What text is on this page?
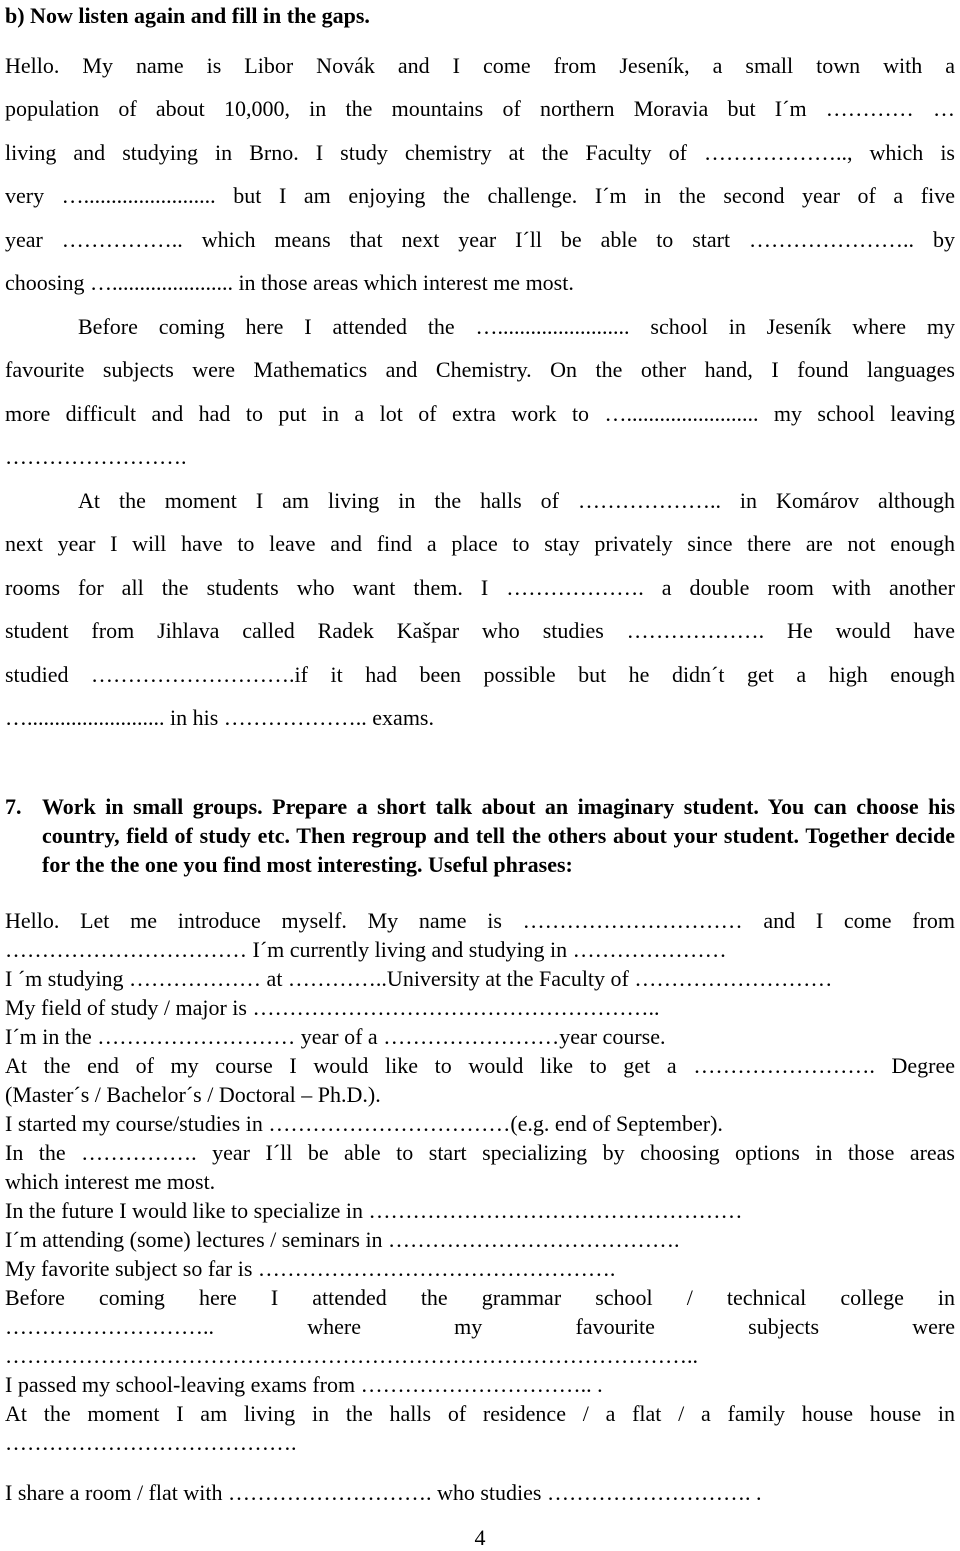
b) Now listen again and fill in the gaps.
Hello. My name is Libor Novák and I come from Jeseník, a small town with a
population of about 10,000, in the mountains of northern Moravia but I´m ………… …
living and studying in Brno. I study chemistry at the Faculty of ……………….., which is
very …........................ but I am enjoying the challenge. I´m in the second year of a five
year …………….. which means that next year I´ll be able to start ………………….. by
choosing …...................... in those areas which interest me most.
Before coming here I attended the …........................ school in Jeseník where my
favourite subjects were Mathematics and Chemistry. On the other hand, I found languages
more difficult and had to put in a lot of extra work to …........................ my school leaving
…………………….
At the moment I am living in the halls of ……………….. in Komárov although
next year I will have to leave and find a place to stay privately since there are not enough
rooms for all the students who want them. I ………………. a double room with another
student from Jihlava called Radek Kašpar who studies ………………. He would have
studied ……………………….if it had been possible but he didn´t get a high enough
…......................... in his ……………….. exams.
7. Work in small groups. Prepare a short talk about an imaginary student. You can choose his country, field of study etc. Then regroup and tell the others about your student. Together decide for the the one you find most interesting. Useful phrases:
Hello. Let me introduce myself. My name is ………………………… and I come from
…………………………… I´m currently living and studying in …………………
I ´m studying ……………… at …………..University at the Faculty of ………………………
My field of study / major is ………………………………………………..
I´m in the ……………………… year of a ……………………year course.
At the end of my course I would like to would like to get a ……………………. Degree
(Master´s / Bachelor´s / Doctoral – Ph.D.).
I started my course/studies in ……………………………(e.g. end of September).
In the ……………. year I´ll be able to start specializing by choosing options in those areas
which interest me most.
In the future I would like to specialize in ……………………………………………
I´m attending (some) lectures / seminars in ………………………………….
My favorite subject so far is ………………………………………….
Before coming here I attended the grammar school / technical college in
……………………….. where my favourite subjects were
…………………………………………………………………………………..
I passed my school-leaving exams from ………………………….. .
At the moment I am living in the halls of residence / a flat / a family house house in
………………………………….
I share a room / flat with ………………………. who studies ………………………. .
4
